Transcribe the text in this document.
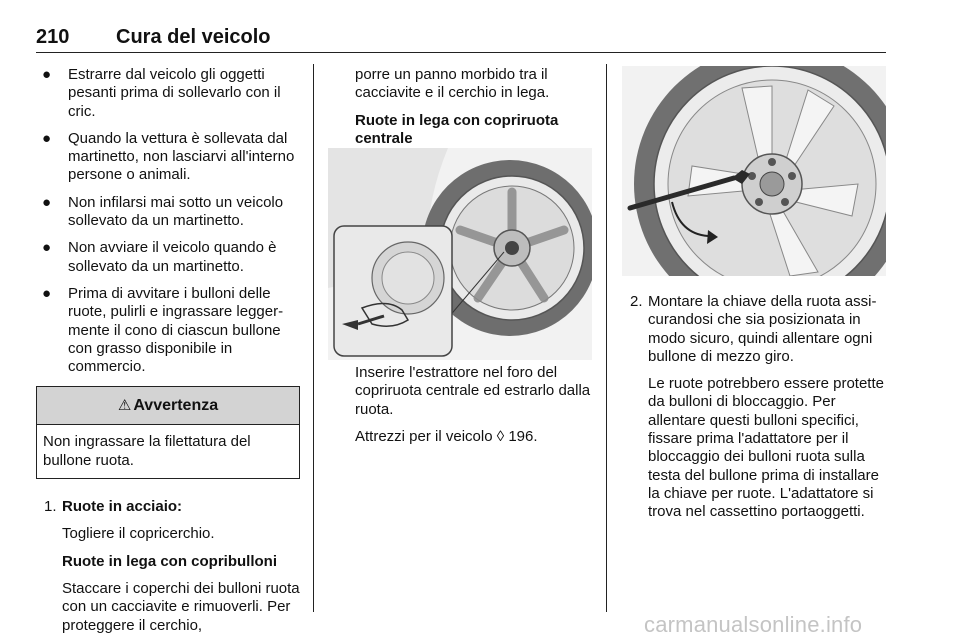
210 Cura del veicolo
● Estrarre dal veicolo gli oggetti pesanti prima di sollevarlo con il cric.
● Quando la vettura è sollevata dal martinetto, non lasciarvi all'interno persone o animali.
● Non infilarsi mai sotto un veicolo sollevato da un martinetto.
● Non avviare il veicolo quando è sollevato da un martinetto.
● Prima di avvitare i bulloni delle ruote, pulirli e ingrassare leggermente il cono di ciascun bullone con grasso disponibile in commercio.
⚠ Avvertenza
Non ingrassare la filettatura del bullone ruota.

1. Ruote in acciaio:

Togliere il copricerchio.

Ruote in lega con copribulloni

Staccare i coperchi dei bulloni ruota con un cacciavite e rimuoverli. Per proteggere il cerchio,

porre un panno morbido tra il cacciavite e il cerchio in lega.

Ruote in lega con copriruota centrale

Inserire l'estrattore nel foro del copriruota centrale ed estrarlo dalla ruota.

Attrezzi per il veicolo ◊ 196.

2. Montare la chiave della ruota assicurandosi che sia posizionata in modo sicuro, quindi allentare ogni bullone di mezzo giro.

Le ruote potrebbero essere protette da bulloni di bloccaggio. Per allentare questi bulloni specifici, fissare prima l'adattatore per il bloccaggio dei bulloni ruota sulla testa del bullone prima di installare la chiave per ruote. L'adattatore si trova nel cassettino portaoggetti.

carmanualsonline.info
